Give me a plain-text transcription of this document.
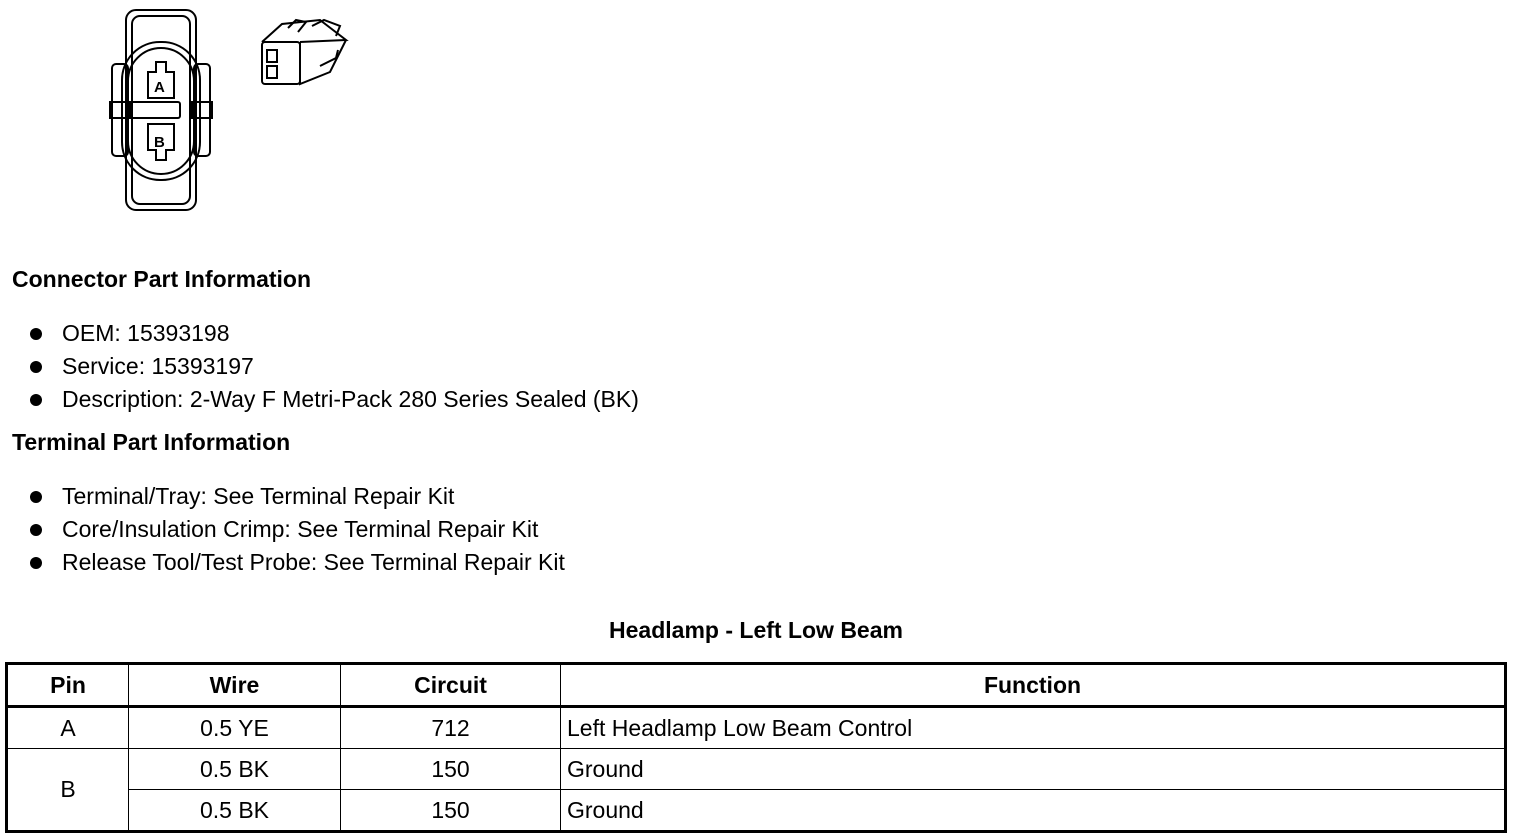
A
B
Connector Part Information
OEM: 15393198
Service: 15393197
Description: 2-Way F Metri-Pack 280 Series Sealed (BK)
Terminal Part Information
Terminal/Tray: See Terminal Repair Kit
Core/Insulation Crimp: See Terminal Repair Kit
Release Tool/Test Probe: See Terminal Repair Kit
Headlamp - Left Low Beam
Pin	Wire	Circuit	Function
A	0.5 YE	712	Left Headlamp Low Beam Control
B	0.5 BK	150	Ground
	0.5 BK	150	Ground
